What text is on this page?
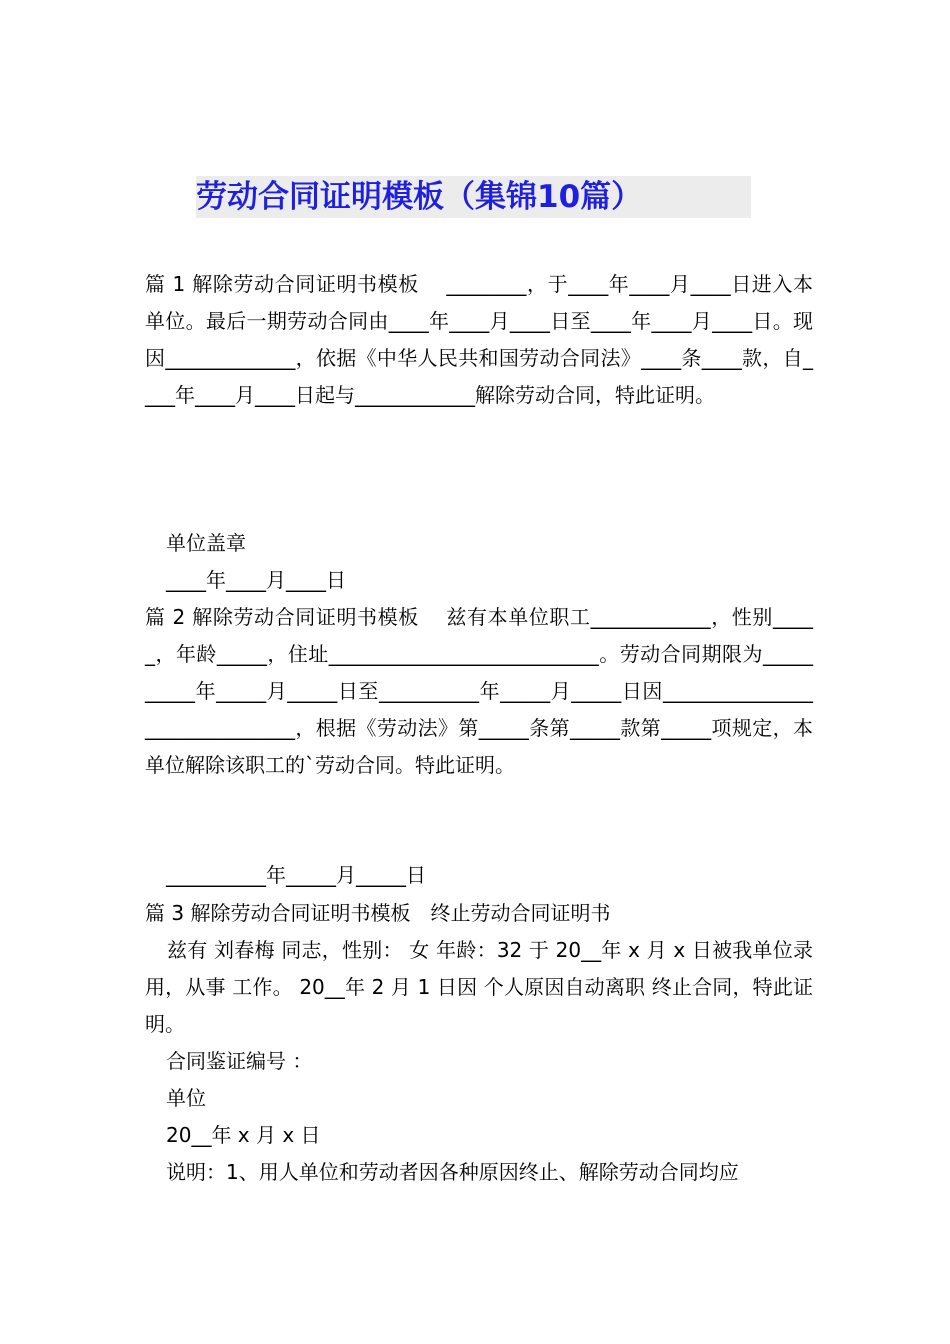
劳动合同证明模板（集锦10篇）
篇 1 解除劳动合同证明书模板　 ________，于____年____月____日进入本单位。最后一期劳动合同由____年____月____日至____年____月____日。现因_____________，依据《中华人民共和国劳动合同法》____条____款，自____年____月____日起与____________解除劳动合同，特此证明。
单位盖章
____年____月____日
篇 2 解除劳动合同证明书模板　 兹有本单位职工____________，性别_____，年龄_____，住址___________________________。劳动合同期限为__________年_____月_____日至__________年_____月_____日因______________________________，根据《劳动法》第_____条第_____款第_____项规定，本单位解除该职工的`劳动合同。特此证明。
__________年_____月_____日
篇 3 解除劳动合同证明书模板　终止劳动合同证明书
兹有 刘春梅 同志，性别： 女 年龄：32 于 20__年 x 月 x 日被我单位录用，从事 工作。 20__年 2 月 1 日因 个人原因自动离职 终止合同，特此证明。
合同鉴证编号 ：
单位
20__年 x 月 x 日
说明：1、用人单位和劳动者因各种原因终止、解除劳动合同均应
